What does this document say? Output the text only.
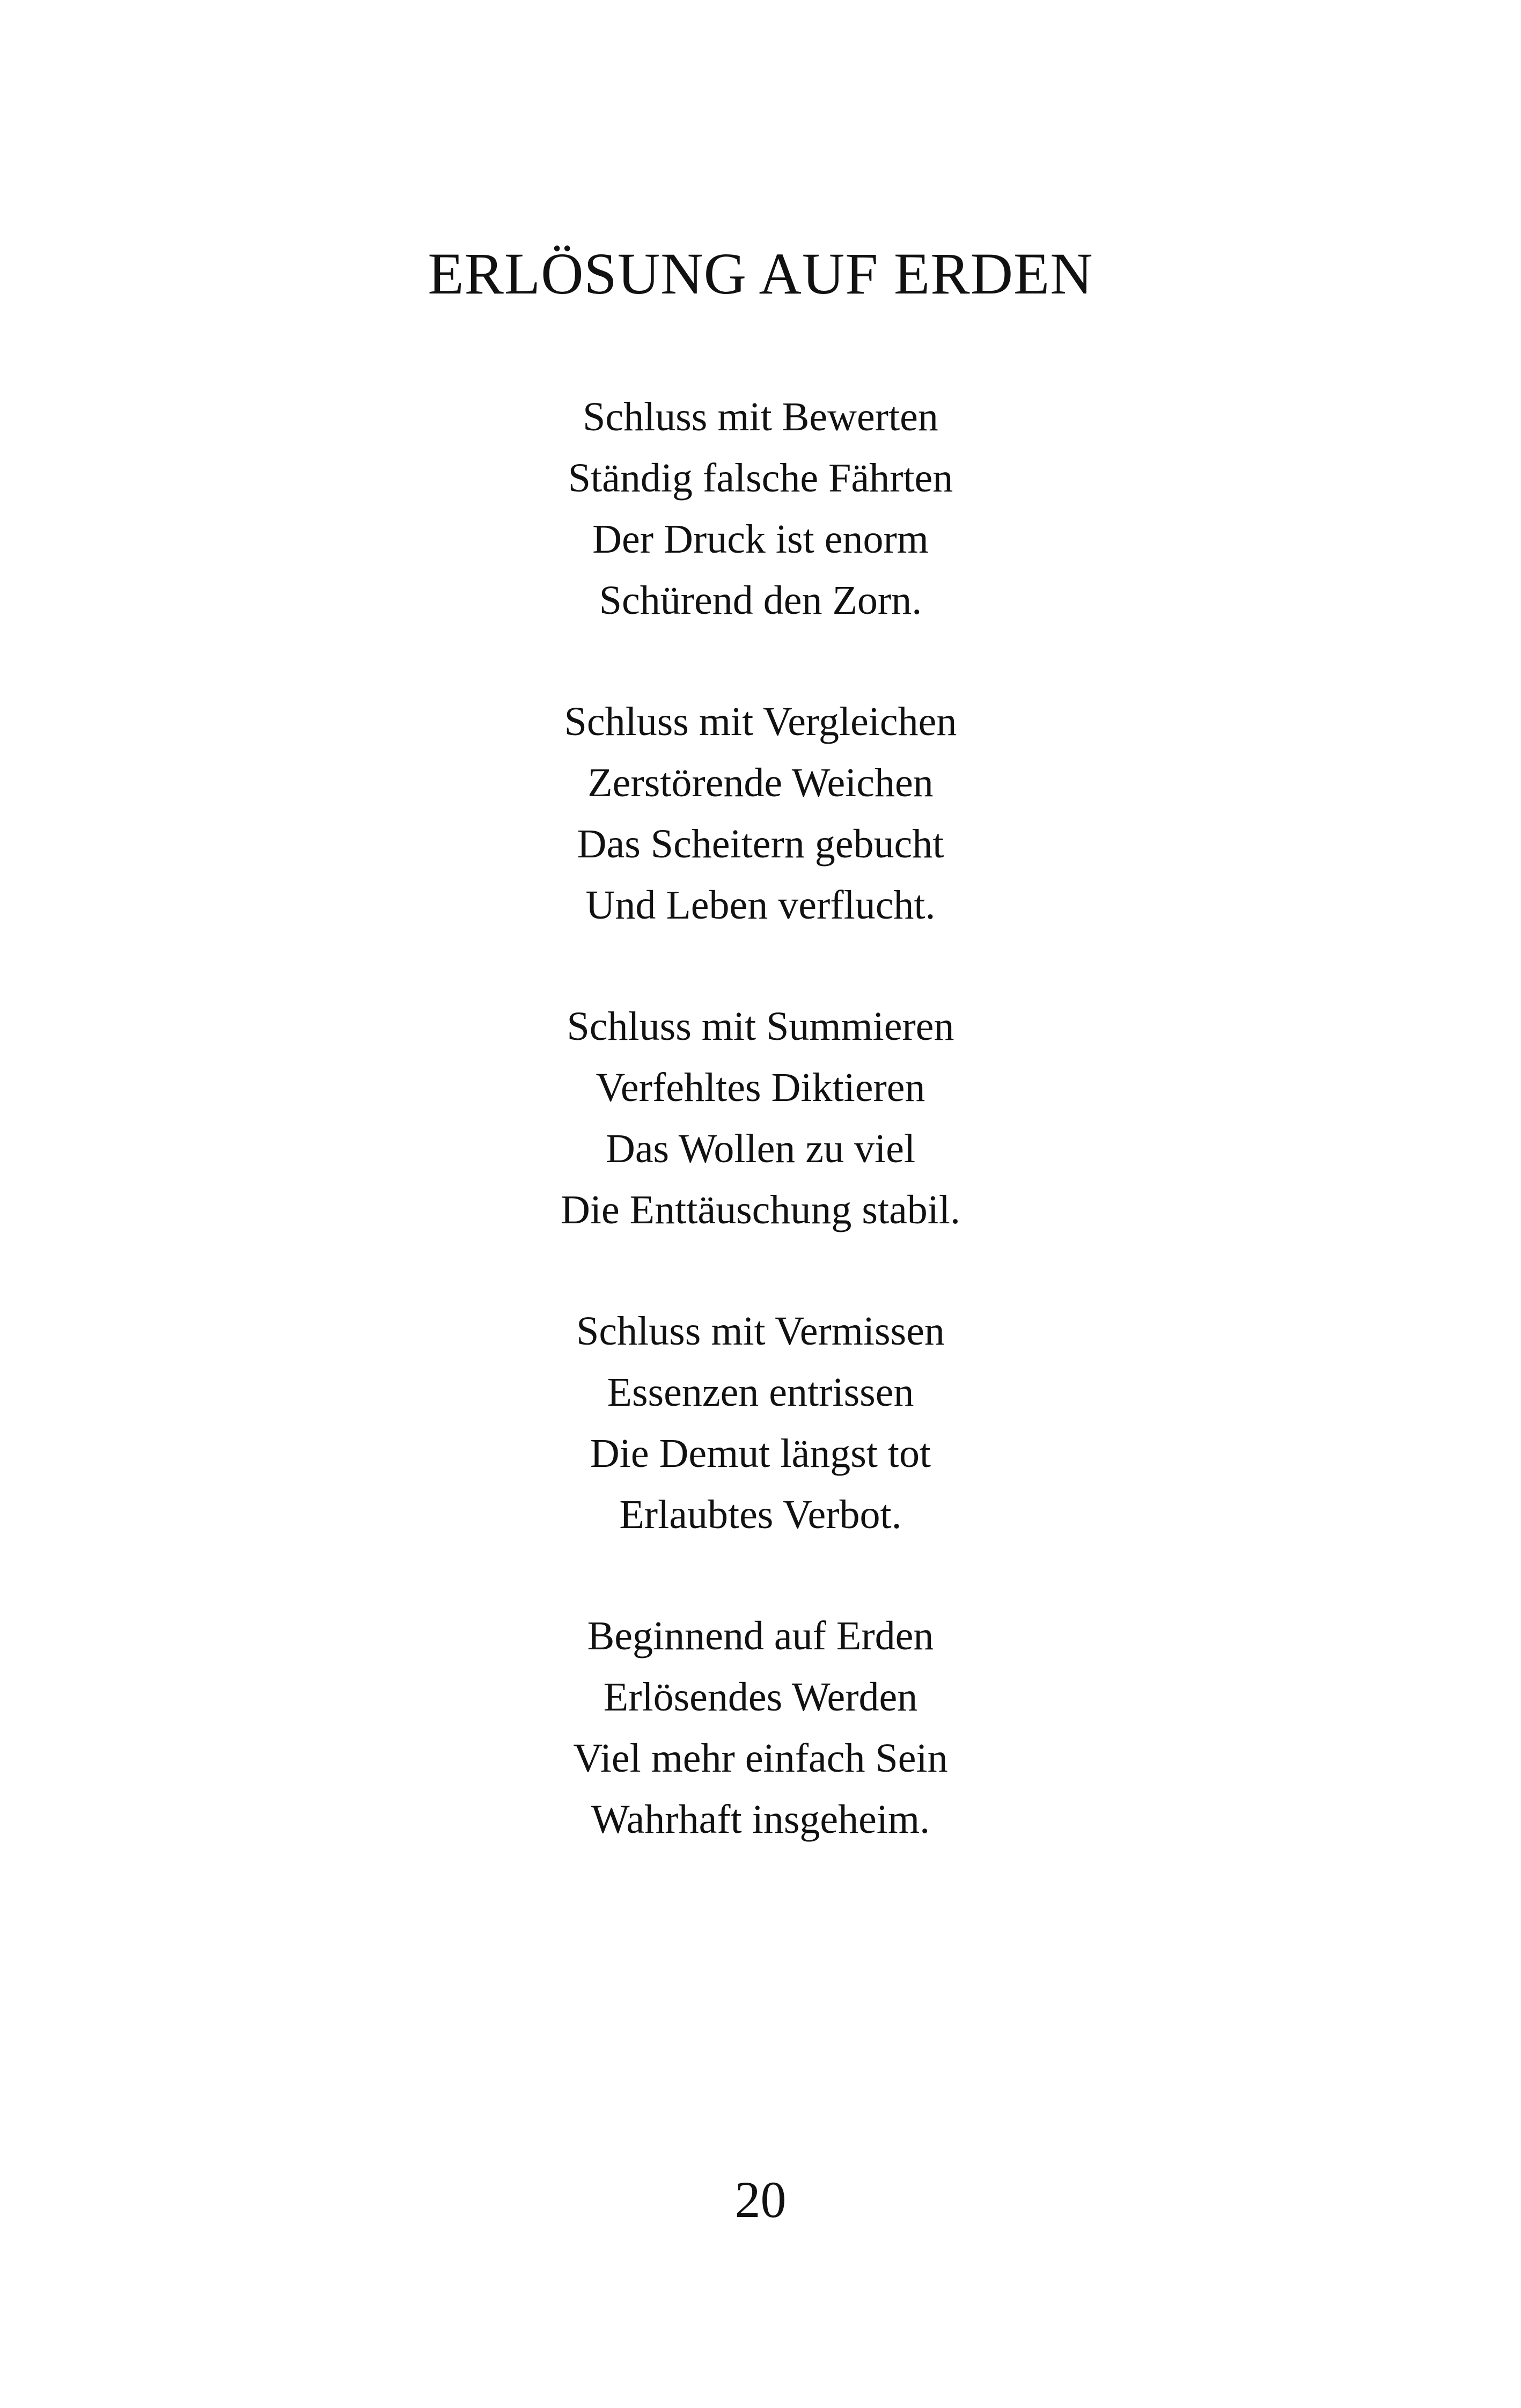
ERLÖSUNG AUF ERDEN
Schluss mit Bewerten
Ständig falsche Fährten
Der Druck ist enorm
Schürend den Zorn.
Schluss mit Vergleichen
Zerstörende Weichen
Das Scheitern gebucht
Und Leben verflucht.
Schluss mit Summieren
Verfehltes Diktieren
Das Wollen zu viel
Die Enttäuschung stabil.
Schluss mit Vermissen
Essenzen entrissen
Die Demut längst tot
Erlaubtes Verbot.
Beginnend auf Erden
Erlösendes Werden
Viel mehr einfach Sein
Wahrhaft insgeheim.
20
